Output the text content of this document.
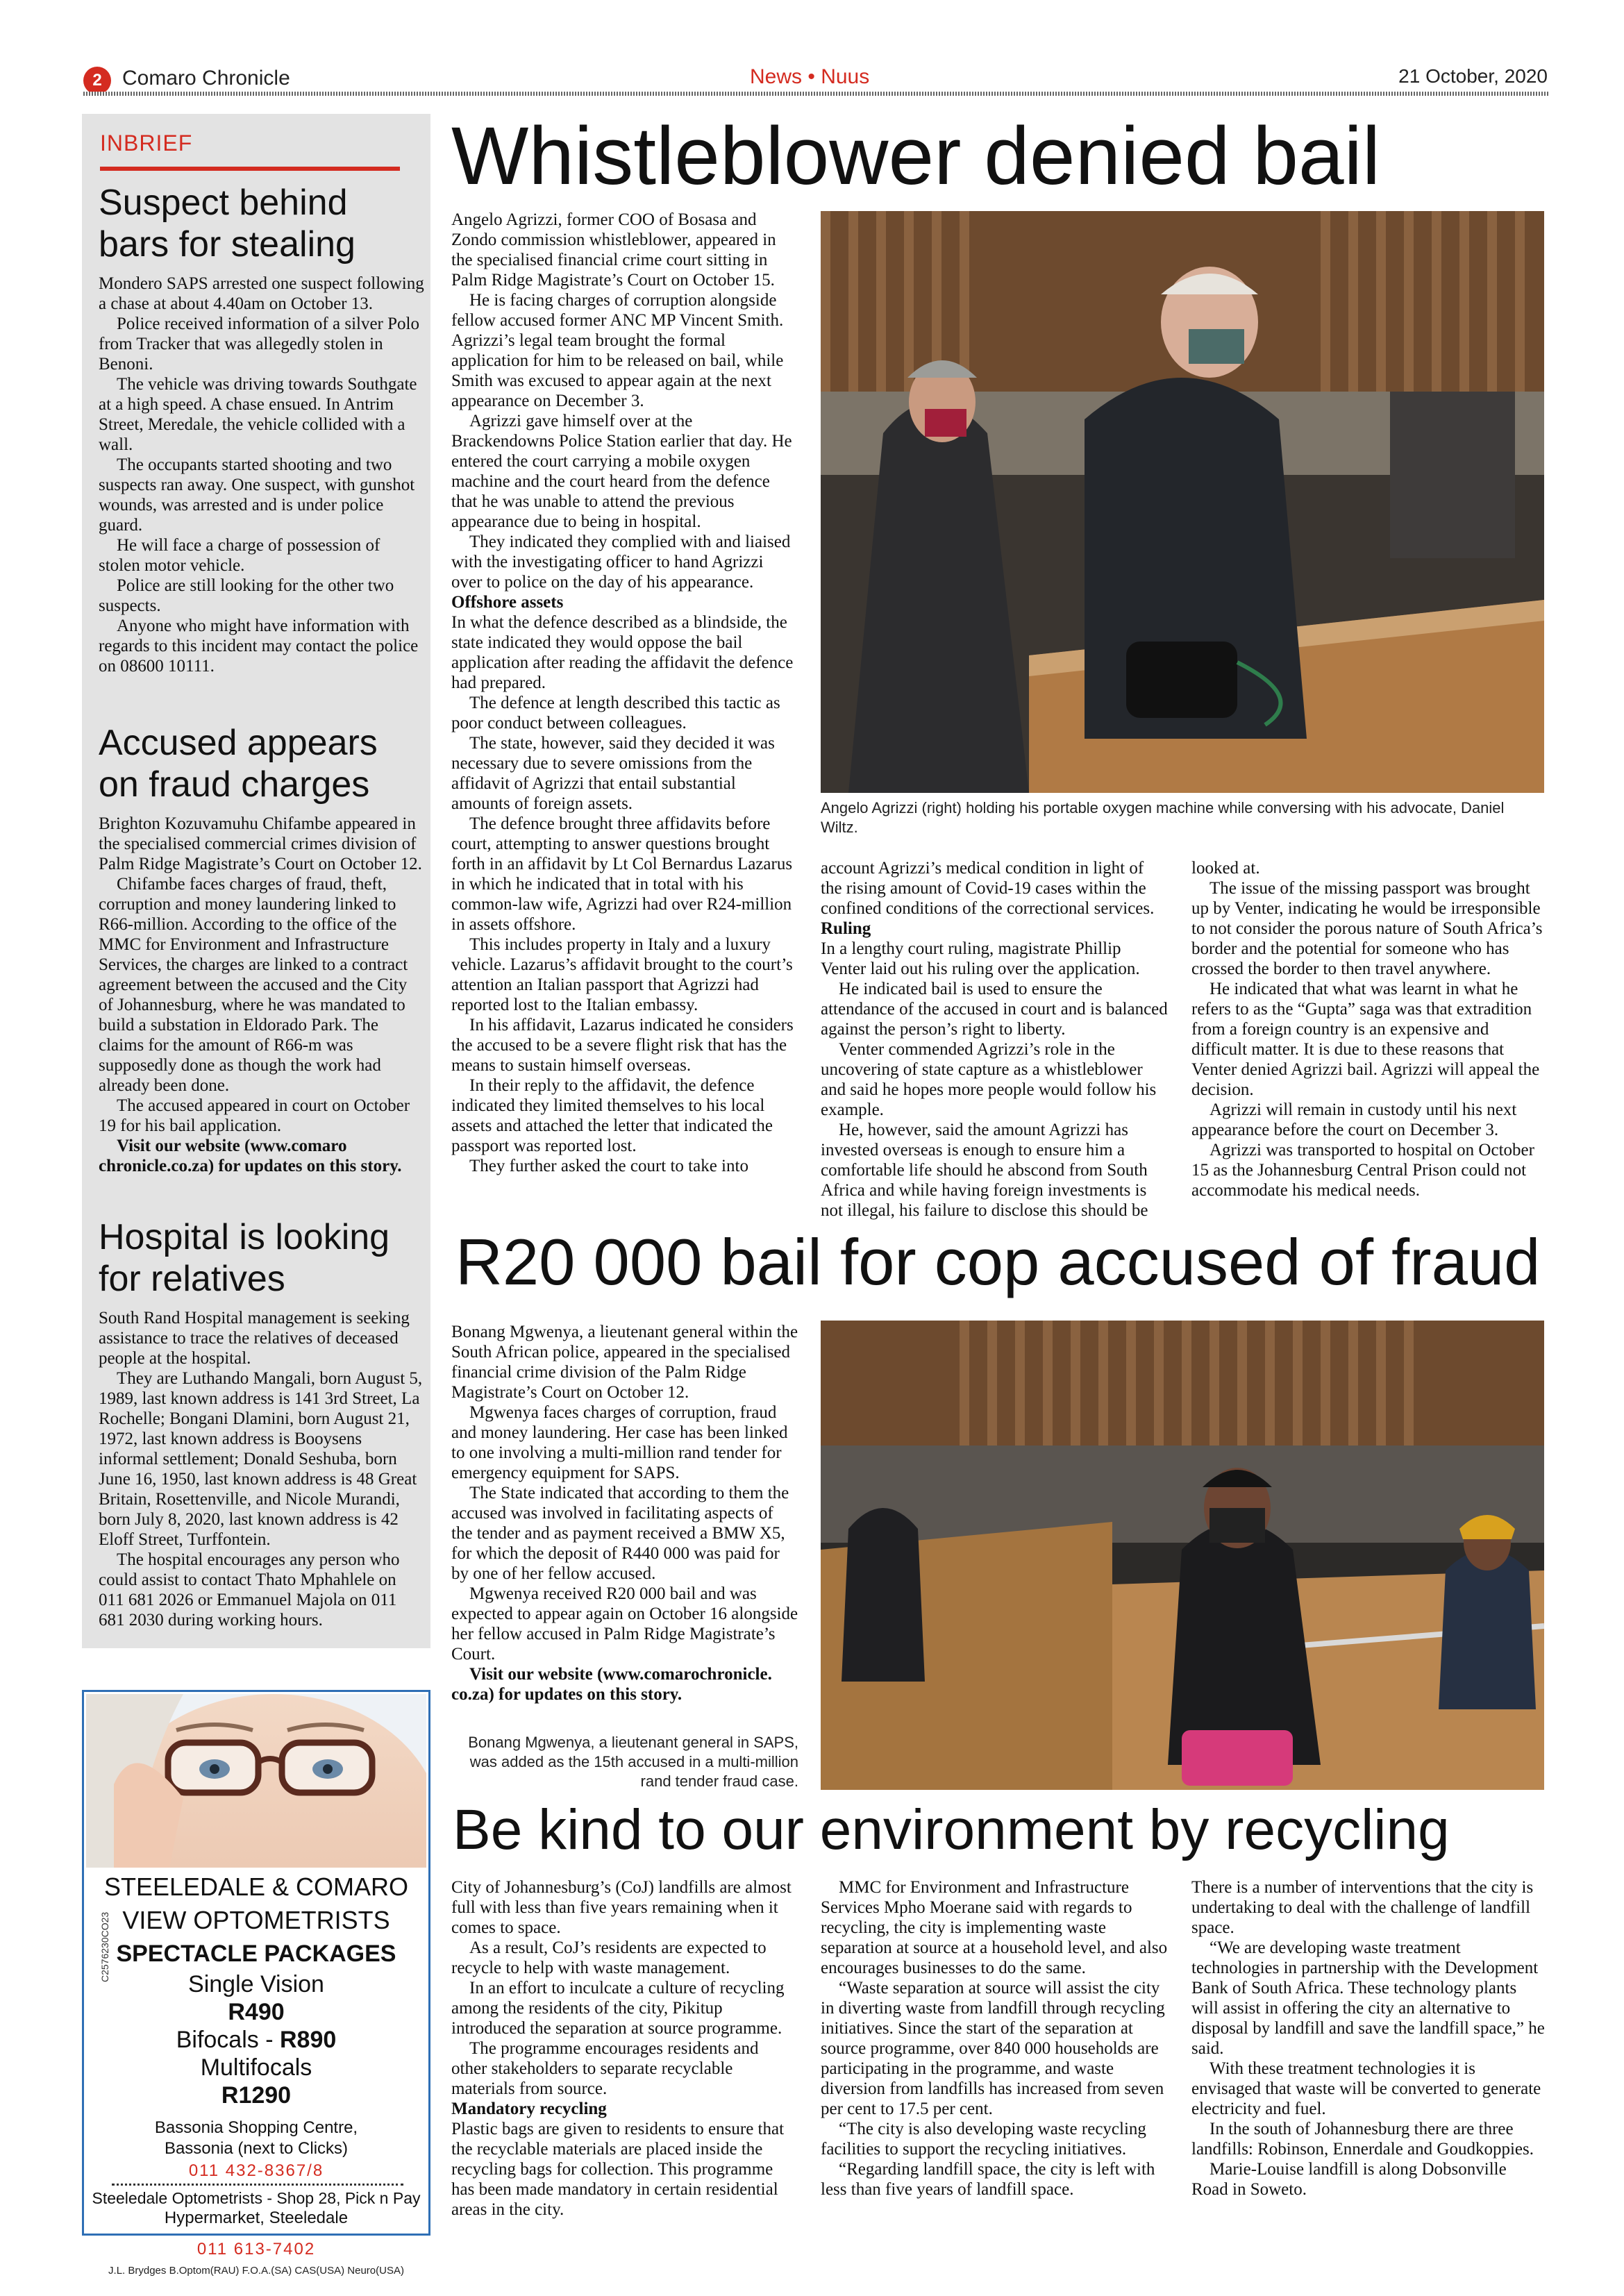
2 Comaro Chronicle	News • Nuus	21 October, 2020
INBRIEF
Suspect behind
bars for stealing

Mondero SAPS arrested one suspect following a chase at about 4.40am on October 13.

Police received information of a silver Polo from Tracker that was allegedly stolen in Benoni.

The vehicle was driving towards Southgate at a high speed. A chase ensued. In Antrim Street, Meredale, the vehicle collided with a wall.

The occupants started shooting and two suspects ran away. One suspect, with gunshot wounds, was arrested and is under police guard.

He will face a charge of possession of stolen motor vehicle.

Police are still looking for the other two suspects.

Anyone who might have information with regards to this incident may contact the police on 08600 10111.

Accused appears
on fraud charges

Brighton Kozuvamuhu Chifambe appeared in the specialised commercial crimes division of Palm Ridge Magistrate’s Court on October 12.

Chifambe faces charges of fraud, theft, corruption and money laundering linked to R66-million. According to the office of the MMC for Environment and Infrastructure Services, the charges are linked to a contract agreement between the accused and the City of Johannesburg, where he was mandated to build a substation in Eldorado Park. The claims for the amount of R66-m was supposedly done as though the work had already been done.

The accused appeared in court on October 19 for his bail application.

Visit our website (www.comaro chronicle.co.za) for updates on this story.

Hospital is looking
for relatives

South Rand Hospital management is seeking assistance to trace the relatives of deceased people at the hospital.

They are Luthando Mangali, born August 5, 1989, last known address is 141 3rd Street, La Rochelle; Bongani Dlamini, born August 21, 1972, last known address is Booysens informal settlement; Donald Seshuba, born June 16, 1950, last known address is 48 Great Britain, Rosettenville, and Nicole Murandi, born July 8, 2020, last known address is 42 Eloff Street, Turffontein.

The hospital encourages any person who could assist to contact Thato Mphahlele on 011 681 2026 or Emmanuel Majola on 011 681 2030 during working hours.

STEELEDALE & COMARO
VIEW OPTOMETRISTS
SPECTACLE PACKAGES
Single Vision
R490
Bifocals - R890
Multifocals
R1290
Bassonia Shopping Centre,
Bassonia (next to Clicks)
011 432-8367/8
Steeledale Optometrists - Shop 28, Pick n Pay
Hypermarket, Steeledale
C2576230CO23
011 613-7402
J.L. Brydges B.Optom(RAU) F.O.A.(SA) CAS(USA) Neuro(USA)
Whistleblower denied bail

Angelo Agrizzi, former COO of Bosasa and Zondo commission whistleblower, appeared in the specialised financial crime court sitting in Palm Ridge Magistrate’s Court on October 15.

He is facing charges of corruption alongside fellow accused former ANC MP Vincent Smith. Agrizzi’s legal team brought the formal application for him to be released on bail, while Smith was excused to appear again at the next appearance on December 3.

Agrizzi gave himself over at the Brackendowns Police Station earlier that day. He entered the court carrying a mobile oxygen machine and the court heard from the defence that he was unable to attend the previous appearance due to being in hospital.

They indicated they complied with and liaised with the investigating officer to hand Agrizzi over to police on the day of his appearance.

Offshore assets

In what the defence described as a blindside, the state indicated they would oppose the bail application after reading the affidavit the defence had prepared.

The defence at length described this tactic as poor conduct between colleagues.

The state, however, said they decided it was necessary due to severe omissions from the affidavit of Agrizzi that entail substantial amounts of foreign assets.

The defence brought three affidavits before court, attempting to answer questions brought forth in an affidavit by Lt Col Bernardus Lazarus in which he indicated that in total with his common-law wife, Agrizzi had over R24-million in assets offshore.

This includes property in Italy and a luxury vehicle. Lazarus’s affidavit brought to the court’s attention an Italian passport that Agrizzi had reported lost to the Italian embassy.

In his affidavit, Lazarus indicated he considers the accused to be a severe flight risk that has the means to sustain himself overseas.

In their reply to the affidavit, the defence indicated they limited themselves to his local assets and attached the letter that indicated the passport was reported lost.

They further asked the court to take into

Angelo Agrizzi (right) holding his portable oxygen machine while conversing with his advocate, Daniel Wiltz.

account Agrizzi’s medical condition in light of the rising amount of Covid-19 cases within the confined conditions of the correctional services.

Ruling

In a lengthy court ruling, magistrate Phillip Venter laid out his ruling over the application.

He indicated bail is used to ensure the attendance of the accused in court and is balanced against the person’s right to liberty.

Venter commended Agrizzi’s role in the uncovering of state capture as a whistleblower and said he hopes more people would follow his example.

He, however, said the amount Agrizzi has invested overseas is enough to ensure him a comfortable life should he abscond from South Africa and while having foreign investments is not illegal, his failure to disclose this should be

looked at.

The issue of the missing passport was brought up by Venter, indicating he would be irresponsible to not consider the porous nature of South Africa’s border and the potential for someone who has crossed the border to then travel anywhere.

He indicated that what was learnt in what he refers to as the “Gupta” saga was that extradition from a foreign country is an expensive and difficult matter. It is due to these reasons that Venter denied Agrizzi bail. Agrizzi will appeal the decision.

Agrizzi will remain in custody until his next appearance before the court on December 3.

Agrizzi was transported to hospital on October 15 as the Johannesburg Central Prison could not accommodate his medical needs.

R20 000 bail for cop accused of fraud

Bonang Mgwenya, a lieutenant general within the South African police, appeared in the specialised financial crime division of the Palm Ridge Magistrate’s Court on October 12.

Mgwenya faces charges of corruption, fraud and money laundering. Her case has been linked to one involving a multi-million rand tender for emergency equipment for SAPS.

The State indicated that according to them the accused was involved in facilitating aspects of the tender and as payment received a BMW X5, for which the deposit of R440 000 was paid for by one of her fellow accused.

Mgwenya received R20 000 bail and was expected to appear again on October 16 alongside her fellow accused in Palm Ridge Magistrate’s Court.

Visit our website (www.comarochronicle. co.za) for updates on this story.

Bonang Mgwenya, a lieutenant general in SAPS, was added as the 15th accused in a multi-million rand tender fraud case.
Be kind to our environment by recycling

City of Johannesburg’s (CoJ) landfills are almost full with less than five years remaining when it comes to space.

As a result, CoJ’s residents are expected to recycle to help with waste management.

In an effort to inculcate a culture of recycling among the residents of the city, Pikitup introduced the separation at source programme.

The programme encourages residents and other stakeholders to separate recyclable materials from source.

Mandatory recycling

Plastic bags are given to residents to ensure that the recyclable materials are placed inside the recycling bags for collection. This programme has been made mandatory in certain residential areas in the city.

MMC for Environment and Infrastructure Services Mpho Moerane said with regards to recycling, the city is implementing waste separation at source at a household level, and also encourages businesses to do the same.

“Waste separation at source will assist the city in diverting waste from landfill through recycling initiatives. Since the start of the separation at source programme, over 840 000 households are participating in the programme, and waste diversion from landfills has increased from seven per cent to 17.5 per cent.

“The city is also developing waste recycling facilities to support the recycling initiatives.

“Regarding landfill space, the city is left with less than five years of landfill space.

There is a number of interventions that the city is undertaking to deal with the challenge of landfill space.

“We are developing waste treatment technologies in partnership with the Development Bank of South Africa. These technology plants will assist in offering the city an alternative to disposal by landfill and save the landfill space,” he said.

With these treatment technologies it is envisaged that waste will be converted to generate electricity and fuel.

In the south of Johannesburg there are three landfills: Robinson, Ennerdale and Goudkoppies.

Marie-Louise landfill is along Dobsonville Road in Soweto.
